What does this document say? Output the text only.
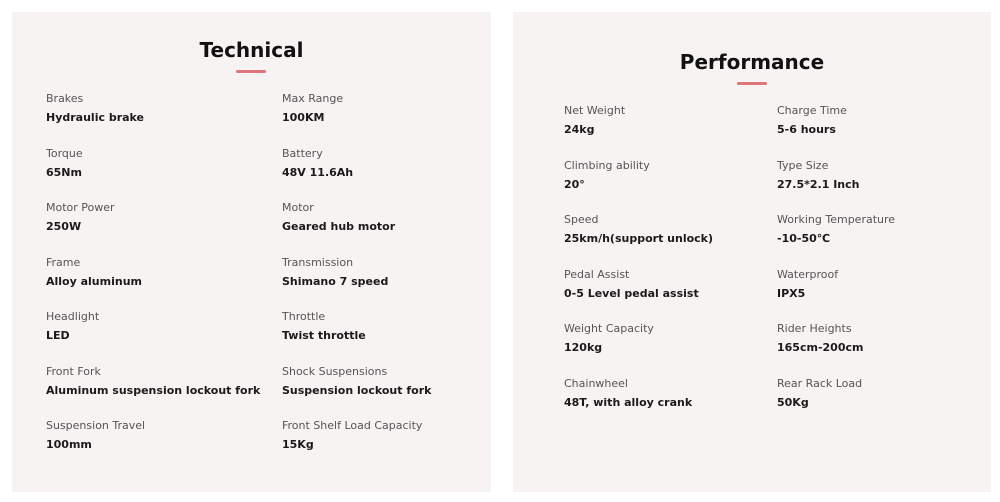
Technical
Brakes
Hydraulic brake
Max Range
100KM
Torque
65Nm
Battery
48V 11.6Ah
Motor Power
250W
Motor
Geared hub motor
Frame
Alloy aluminum
Transmission
Shimano 7 speed
Headlight
LED
Throttle
Twist throttle
Front Fork
Aluminum suspension lockout fork
Shock Suspensions
Suspension lockout fork
Suspension Travel
100mm
Front Shelf Load Capacity
15Kg
Performance
Net Weight
24kg
Charge Time
5-6 hours
Climbing ability
20°
Type Size
27.5*2.1 Inch
Speed
25km/h(support unlock)
Working Temperature
-10-50℃
Pedal Assist
0-5 Level pedal assist
Waterproof
IPX5
Weight Capacity
120kg
Rider Heights
165cm-200cm
Chainwheel
48T, with alloy crank
Rear Rack Load
50Kg
